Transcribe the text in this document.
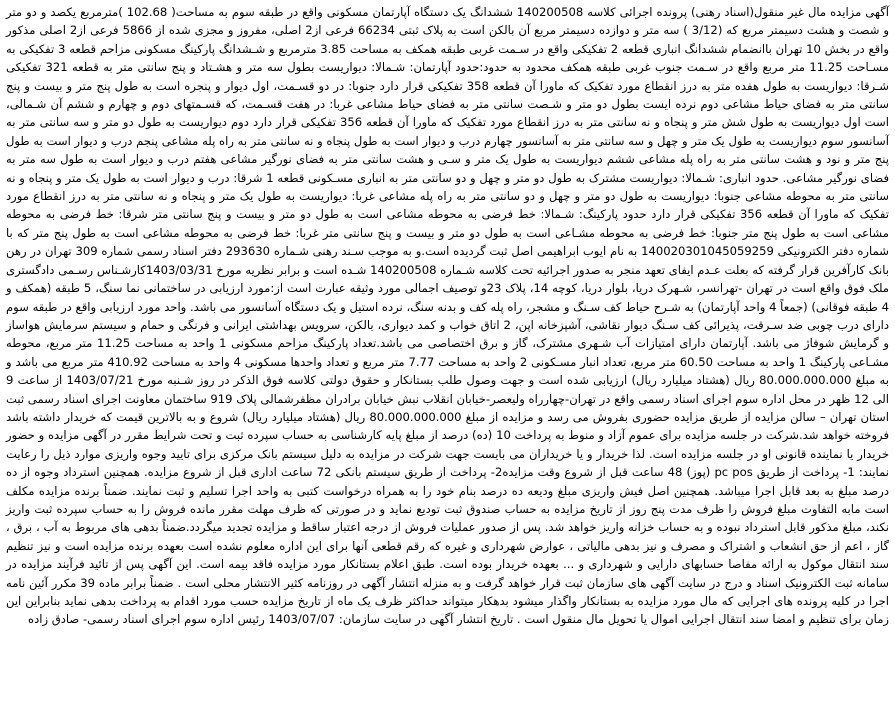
آگهی مزایده مال غیر منقول(اسناد رهنی) پرونده اجرائی کلاسه 140200508 ششدانگ یک دستگاه آپارتمان مسکونی واقع در طبقه سوم به مساحت( 102.68 )مترمربع یکصد و دو متر و شصت و هشت دسیمتر مربع که (3/12 ) سه متر و دوازده دسیمتر مربع آن بالکن است به پلاک ثبتی 66234 فرعی از2 اصلی، مفروز و مجزی شده از 5866 فرعی از2 اصلی مذکور واقع در بخش 10 تهران باانضمام ششدانگ انباری قطعه 2 تفکیکی واقع در سـمت غربی طبقه همکف به مساحت 3.85 مترمربع و شـشدانگ پارکینگ مسکونی مزاحم قطعه 3 تفکیکی به مسـاحت 11.25 متر مربع واقع در سـمت جنوب غربی طبقه همکف محدود به حدود:حدود آپارتمان: شـمالا: دیواریست بطول سه متر و هشـتاد و پنج سانتی متر به قطعه 321 تفکیکی شـرقا: دیواریست به طول هفده متر به درز انقطاع مورد تفکیک که ماورا آن قطعه 358 تفکیکی قرار دارد جنوبا: در دو قسـمت، اول دیوار و پنجره است به طول پنج متر و بیست و پنج سانتی متر به فضای حیاط مشاعی دوم نرده ایست بطول دو متر و شـصت سانتی متر به فضای حیاط مشاعی غربا: در هفت قسـمت، که قسـمتهای دوم و چهارم و ششم آن شـمالی، است اول دیواریست به طول شش متر و پنجاه و نه سانتی متر به درز انقطاع مورد تفکیک که ماورا آن قطعه 356 تفکیکی قرار دارد دوم دیواریست به طول دو متر و سه سانتی متر به آسانسور سوم دیواریست به طول یک متر و چهل و سه سانتی متر به آسانسور چهارم درب و دیوار است به طول پنجاه و نه سانتی متر به راه پله مشاعی پنجم درب و دیوار است به طول پنج متر و نود و هشت سانتی متر به راه پله مشاعی ششم دیواریست به طول یک متر و سـی و هشت سانتی متر به فضای نورگیر مشاعی هفتم درب و دیوار است به طول سه متر به فضای نورگیر مشاعی. حدود انباری: شـمالا: دیواریست مشترک به طول دو متر و چهل و دو سانتی متر به انباری مسـکونی قطعه 1 شرقا: درب و دیوار است به طول یک متر و پنجاه و نه سانتی متر به محوطه مشاعی جنوبا: دیواریست به طول دو متر و چهل و دو سانتی متر به راه پله مشاعی غربا: دیواریست به طول یک متر و پنجاه و نه سانتی متر به درز انقطاع مورد تفکیک که ماورا آن قطعه 356 تفکیکی قرار دارد حدود پارکینگ: شـمالا: خط فرضی به محوطه مشاعی است به طول دو متر و بیست و پنج سانتی متر شرقا: خط فرضی به محوطه مشاعی است به طول پنج متر جنوبا: خط فرضی به محوطه مشـاعی است به طول دو متر و بیست و پنج سانتی متر غربا: خط فرضی به محوطه مشاعی است به طول پنج متر که با شماره دفتر الکترونیکی 140020301045059259 به نام ایوب ابراهیمی اصل ثبت گردیده است.و به موجب سـند رهنی شـماره 293630 دفتر اسناد رسمی شماره 309 تهران در رهن بانک کارآفرین قرار گرفته که بعلت عـدم ایفای تعهد منجر به صدور اجرائیه تحت کلاسه شـماره 140200508 شـده است و برابر نظریه مورخ 1403/03/31کارشـناس رسـمی دادگستری ملک فوق واقع است در تهران -تهرانسر، شـهرک دریا، بلوار دریا، کوچه 14، پلاک 23و توصیف اجمالی مورد وثیقه عبارت است از:مورد ارزیابی در ساختمانی نما سنگ، 5 طبقه (همکف و 4 طبقه فوقانی) (جمعاً 4 واحد آپارتمان) به شـرح حیاط کف سـنگ و مشجر، راه پله کف و بدنه سنگ، نرده استیل و یک دستگاه آسانسور می باشد. واحد مورد ارزیابی واقع در طبقه سوم دارای درب چوبی ضد سـرقت، پذیرائی کف سـنگ دیوار نقاشی، آشپزخانه اپن، 2 اتاق خواب و کمد دیواری، بالکن، سرویس بهداشتی ایرانی و فرنگی و حمام و سیستم سرمایش هواساز و گرمایش شوفاژ می باشد. آپارتمان دارای امتیازات آب شـهری مشترک، گاز و برق اختصاصی می باشد.تعداد پارکینگ مزاحم مسکونی 1 واحد به مساحت 11.25 متر مربع، محوطه مشـاعی پارکینگ 1 واحد به مساحت 60.50 متر مربع، تعداد انبار مسـکونی 2 واحد به مساحت 7.77 متر مربع و تعداد واحدها مسکونی 4 واحد به مساحت 410.92 متر مربع می باشد و به مبلغ 80.000.000.000 ریال (هشتاد میلیارد ریال) ارزیابی شده است و جهت وصول طلب بستانکار و حقوق دولتی کلاسه فوق الذکر در روز شـنبه مورخ 1403/07/21 از ساعت 9 الی 12 ظهر در محل اداره سوم اجرای اسناد رسمی واقع در تهران-چهارراه ولیعصر-خیابان انقلاب نبش خیابان برادران مظفرشمالی پلاک 919 ساختمان معاونت اجرای اسناد رسمی ثبت استان تهران – سالن مزایده از طریق مزایده حضوری بفروش می رسد و مزایده از مبلغ 80.000.000.000 ریال (هشتاد میلیارد ریال) شروع و به بالاترین قیمت که خریدار داشته باشد فروخته خواهد شد.شرکت در جلسه مزایده برای عموم آزاد و منوط به پرداخت 10 (ده) درصد از مبلغ پایه کارشناسی به حساب سپرده ثبت و تحت شرایط مقرر در آگهی مزایده و حضور خریدار یا نماینده قانونی او در جلسه مزایده است. لذا خریدار و یا خریداران می بایست جهت شرکت در مزایده به دلیل سیستم بانک مرکزی برای تایید وجوه واریزی موارد ذیل را رعایت نمایند: 1- پرداخت از طریق pc pos (پوز) 48 ساعت قبل از شروع وقت مزایده2- پرداخت از طریق سیستم بانکی 72 ساعت اداری قبل از شروع مزایده. همچنین استرداد وجوه از ده درصد مبلغ به بعد قابل اجرا میباشد. همچنین اصل فیش واریزی مبلغ ودیعه ده درصد بنام خود را به همراه درخواست کتبی به واحد اجرا تسلیم و ثبت نمایند. ضمناً برنده مزایده مکلف است مابه التفاوت مبلغ فروش را ظرف مدت پنج روز از تاریخ مزایده به حساب صندوق ثبت تودیع نماید و در صورتی که ظرف مهلت مقرر مانده فروش را به حساب سپرده ثبت واریز نکند، مبلغ مذکور قابل استرداد نبوده و به حساب خزانه واریز خواهد شد. پس از صدور عملیات فروش از درجه اعتبار ساقط و مزایده تجدید میگردد.ضمناً بدهی های مربوط به آب ، برق ، گاز ، اعم از حق انشعاب و اشتراک و مصرف و نیز بدهی مالیاتی ، عوارض شهرداری و غیره که رقم قطعی آنها برای این اداره معلوم نشده است بعهده برنده مزایده است و نیز تنظیم سند انتقال موکول به ارائه مفاصا حسابهای دارایی و شهرداری و ... بعهده خریدار بوده است. طبق اعلام بستانکار مورد مزایده فاقد بیمه است. این آگهی پس از تائید فرآیند مزایده در سامانه ثبت الکترونیک اسناد و درج در سایت آگهی های سازمان ثبت قرار خواهد گرفت و به منزله انتشار آگهی در روزنامه کثیر الانتشار محلی است . ضمناً برابر ماده 39 مکرر آئین نامه اجرا در کلیه پرونده های اجرایی که مال مورد مزایده به بستانکار واگذار میشود بدهکار میتواند حداکثر ظرف یک ماه از تاریخ مزایده حسب مورد اقدام به پرداخت بدهی نماید بنابراین این زمان برای تنظیم و امضا سند انتقال اجرایی اموال یا تحویل مال منقول است . تاریخ انتشار آگهی در سایت سازمان: 1403/07/07 رئیس اداره سوم اجرای اسناد رسمی- صادق زاده
